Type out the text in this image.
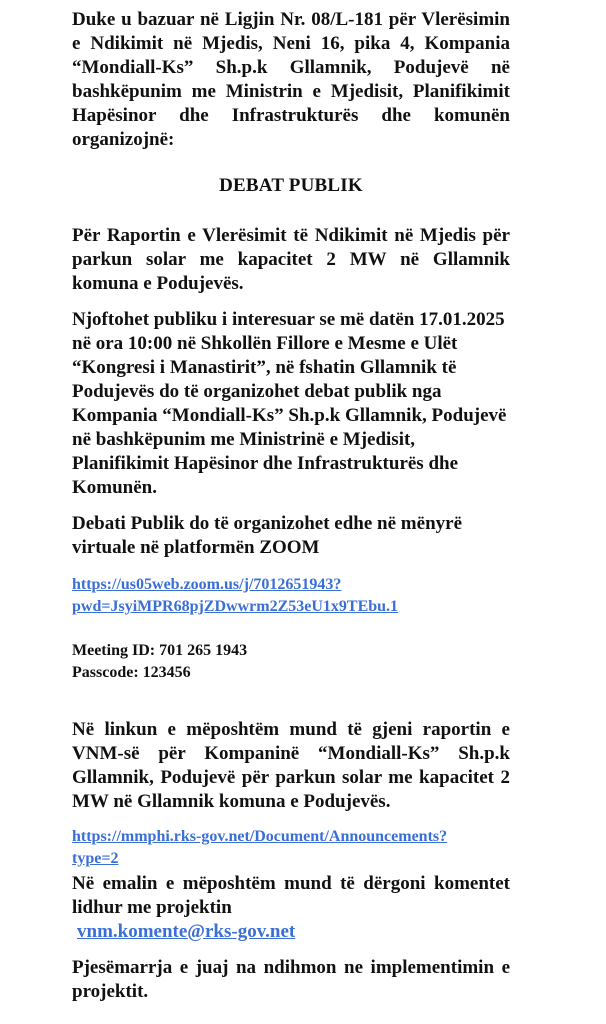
Duke u bazuar në Ligjin Nr. 08/L-181 për Vlerësimin e Ndikimit në Mjedis, Neni 16, pika 4, Kompania “Mondiall-Ks” Sh.p.k Gllamnik, Podujevë në bashkëpunim me Ministrin e Mjedisit, Planifikimit Hapësinor dhe Infrastrukturës dhe komunën organizojnë:

DEBAT PUBLIK

Për Raportin e Vlerësimit të Ndikimit në Mjedis për parkun solar me kapacitet 2 MW në Gllamnik komuna e Podujevës.

Njoftohet publiku i interesuar se më datën 17.01.2025 në ora 10:00 në Shkollën Fillore e Mesme e Ulët “Kongresi i Manastirit”, në fshatin Gllamnik të Podujevës do të organizohet debat publik nga Kompania “Mondiall-Ks” Sh.p.k Gllamnik, Podujevë në bashkëpunim me Ministrinë e Mjedisit, Planifikimit Hapësinor dhe Infrastrukturës dhe Komunën.

Debati Publik do të organizohet edhe në mënyrë virtuale në platformën ZOOM

https://us05web.zoom.us/j/7012651943?
pwd=JsyiMPR68pjZDwwrm2Z53eU1x9TEbu.1
Meeting ID: 701 265 1943
Passcode: 123456

Në linkun e mëposhtëm mund të gjeni raportin e VNM-së për Kompaninë “Mondiall-Ks” Sh.p.k Gllamnik, Podujevë për parkun solar me kapacitet 2 MW në Gllamnik komuna e Podujevës.

https://mmphi.rks-gov.net/Document/Announcements?
type=2

Në emalin e mëposhtëm mund të dërgoni komentet lidhur me projektin
vnm.komente@rks-gov.net

Pjesëmarrja e juaj na ndihmon ne implementimin e projektit.
